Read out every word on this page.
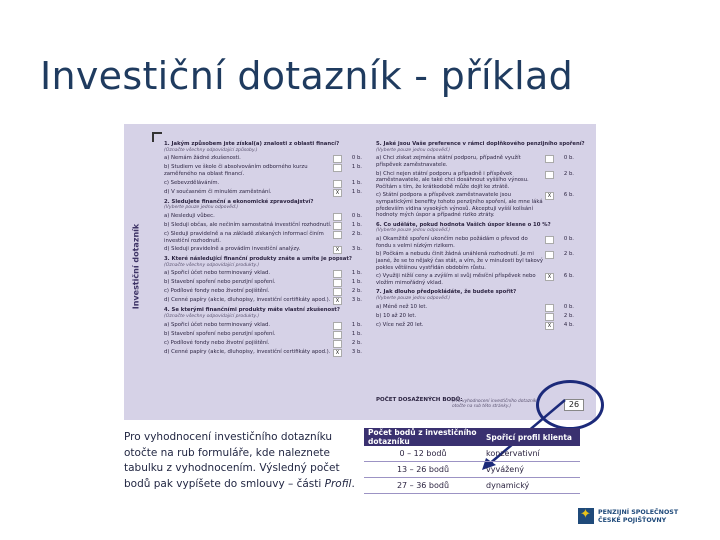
Investiční dotazník - příklad
Investiční dotazník
1. Jakým způsobem jste získal(a) znalosti z oblasti financí?
(Označte všechny odpovídající způsoby.)
a) Nemám žádné zkušenosti.	0 b.
b) Studiem ve škole či absolvováním odborného kurzu zaměřeného na oblast financí.
1 b.
c) Sebevzděláváním.	1 b.
d) V současném či minulém zaměstnání.	X	1 b.
2. Sledujete finanční a ekonomické zpravodajství?
(Vyberte pouze jednu odpověď.)
a) Nesleduji vůbec.	0 b.
b) Sleduji občas, ale nečiním samostatná investiční rozhodnutí.	1 b.
c) Sleduji pravidelně a na základě získaných informací činím investiční rozhodnutí.
2 b.
d) Sleduji pravidelně a provádím investiční analýzy.	X	3 b.
3. Které následující finanční produkty znáte a umíte je popsat?
(Označte všechny odpovídající produkty.)
a) Spořicí účet nebo terminovaný vklad.	1 b.
b) Stavební spoření nebo penzijní spoření.	1 b.
c) Podílové fondy nebo životní pojištění.	2 b.
d) Cenné papíry (akcie, dluhopisy, investiční certifikáty apod.).	X	3 b.
4. Se kterými finančními produkty máte vlastní zkušenost?
(Označte všechny odpovídající produkty.)
a) Spořicí účet nebo terminovaný vklad.	1 b.
b) Stavební spoření nebo penzijní spoření.	1 b.
c) Podílové fondy nebo životní pojištění.	2 b.
d) Cenné papíry (akcie, dluhopisy, investiční certifikáty apod.).	X	3 b.
5. Jaké jsou Vaše preference v rámci doplňkového penzijního spoření?
(Vyberte pouze jednu odpověď.)
a) Chci získat zejména státní podporu, případně využít příspěvek zaměstnavatele.
0 b.
b) Chci nejen státní podporu a případně i příspěvek zaměstnavatele, ale také chci dosáhnout vyššího výnosu. Počítám s tím, že krátkodobě může dojít ke ztrátě.
2 b.
c) Státní podpora a příspěvek zaměstnavatele jsou sympatickými benefity tohoto penzijního spoření, ale mne láká především vidina vysokých výnosů. Akceptuji vyšší kolísání hodnoty mých úspor a případné riziko ztráty.
X	6 b.
6. Co uděláte, pokud hodnota Vašich úspor klesne o 10 %?
(Vyberte pouze jednu odpověď.)
a) Okamžitě spoření ukončím nebo požádám o převod do fondu s velmi nízkým rizikem.
0 b.
b) Počkám a nebudu činit žádná unáhlená rozhodnutí. Je mi jasné, že se to nějaký čas stát, a vím, že v minulosti byl takový pokles většinou vystřídán obdobím růstu.
2 b.
c) Využiji nižší ceny a zvýším si svůj měsíční příspěvek nebo vložím mimořádný vklad.
X	6 b.
7. Jak dlouho předpokládáte, že budete spořit?
(Vyberte pouze jednu odpověď.)
a) Méně než 10 let.	0 b.
b) 10 až 20 let.	2 b.
c) Více než 20 let.	X	4 b.
POČET DOSAŽENÝCH BODŮ:
(Pro vyhodnocení investičního dotazníku otočte na rub této stránky.)	26
Pro vyhodnocení investičního dotazníku otočte na rub formuláře, kde naleznete tabulku z vyhodnocením. Výsledný počet bodů pak vypíšete do smlouvy – části Profil.
Počet bodů z investičního dotazníku	Spořicí profil klienta
0 – 12 bodů	konzervativní
13 – 26 bodů	vyvážený
27 – 36 bodů	dynamický
✦
PENZIJNÍ SPOLEČNOST
ČESKÉ POJIŠŤOVNY
